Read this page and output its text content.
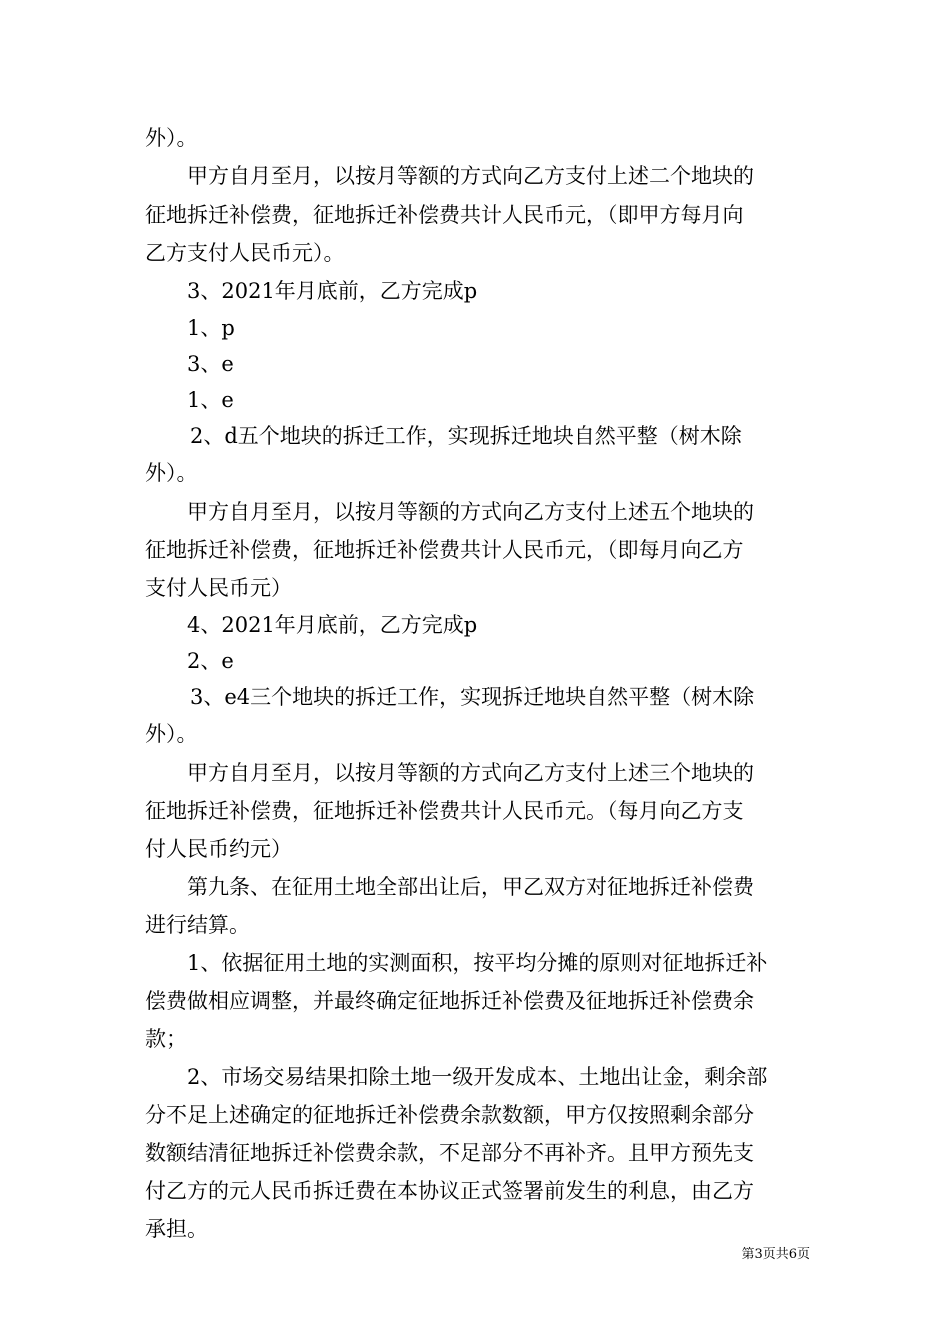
外）。
甲方自月至月，以按月等额的方式向乙方支付上述二个地块的
征地拆迁补偿费，征地拆迁补偿费共计人民币元，（即甲方每月向
乙方支付人民币元）。
3、2021年月底前，乙方完成p
1、p
3、e
1、e
2、d五个地块的拆迁工作，实现拆迁地块自然平整（树木除
外）。
甲方自月至月，以按月等额的方式向乙方支付上述五个地块的
征地拆迁补偿费，征地拆迁补偿费共计人民币元，（即每月向乙方
支付人民币元）
4、2021年月底前，乙方完成p
2、e
3、e4三个地块的拆迁工作，实现拆迁地块自然平整（树木除
外）。
甲方自月至月，以按月等额的方式向乙方支付上述三个地块的
征地拆迁补偿费，征地拆迁补偿费共计人民币元。（每月向乙方支
付人民币约元）
第九条、在征用土地全部出让后，甲乙双方对征地拆迁补偿费
进行结算。
1、依据征用土地的实测面积，按平均分摊的原则对征地拆迁补
偿费做相应调整，并最终确定征地拆迁补偿费及征地拆迁补偿费余
款；
2、市场交易结果扣除土地一级开发成本、土地出让金，剩余部
分不足上述确定的征地拆迁补偿费余款数额，甲方仅按照剩余部分
数额结清征地拆迁补偿费余款，不足部分不再补齐。且甲方预先支
付乙方的元人民币拆迁费在本协议正式签署前发生的利息，由乙方
承担。
第3页共6页
